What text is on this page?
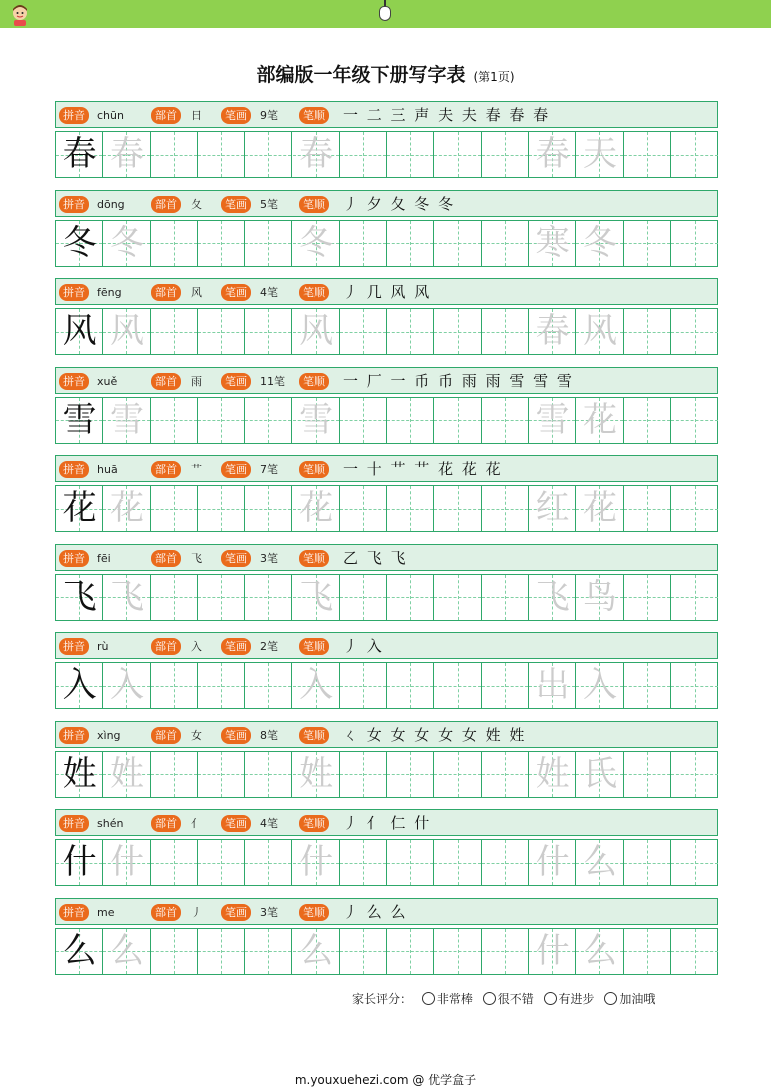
部编版一年级下册写字表 (第1页)
拼音	chūn	部首	日	笔画	9笔	笔顺 一 二 三 声 夫 夫 春 春 春
春 春	春	春 天
拼音	dōng	部首	夂	笔画	5笔	笔顺 丿 夕 夂 冬 冬
冬 冬	冬	寒 冬
拼音	fēng	部首	风	笔画	4笔	笔顺 丿 几 风 风
风 风	风	春 风
拼音	xuě	部首	雨	笔画	11笔	笔顺 一 厂 一 币 币 雨 雨 雪 雪 雪
雪 雪	雪	雪 花
拼音	huā	部首	艹	笔画	7笔	笔顺 一 十 艹 艹 花 花 花
花 花	花	红 花
拼音	fēi	部首	飞	笔画	3笔	笔顺 乙 飞 飞
飞 飞	飞	飞 鸟
拼音	rù	部首	入	笔画	2笔	笔顺 丿 入
入 入	入	出 入
拼音	xìng	部首	女	笔画	8笔	笔顺 ㄑ 女 女 女 女 女 姓 姓
姓 姓	姓	姓 氏
拼音	shén	部首	亻	笔画	4笔	笔顺 丿 亻 仁 什
什 什	什	什 么
拼音	me	部首	丿	笔画	3笔	笔顺 丿 么 么
么 么	么	什 么
家长评分： 非常棒 很不错 有进步 加油哦
m.youxuehezi.com @ 优学盒子
